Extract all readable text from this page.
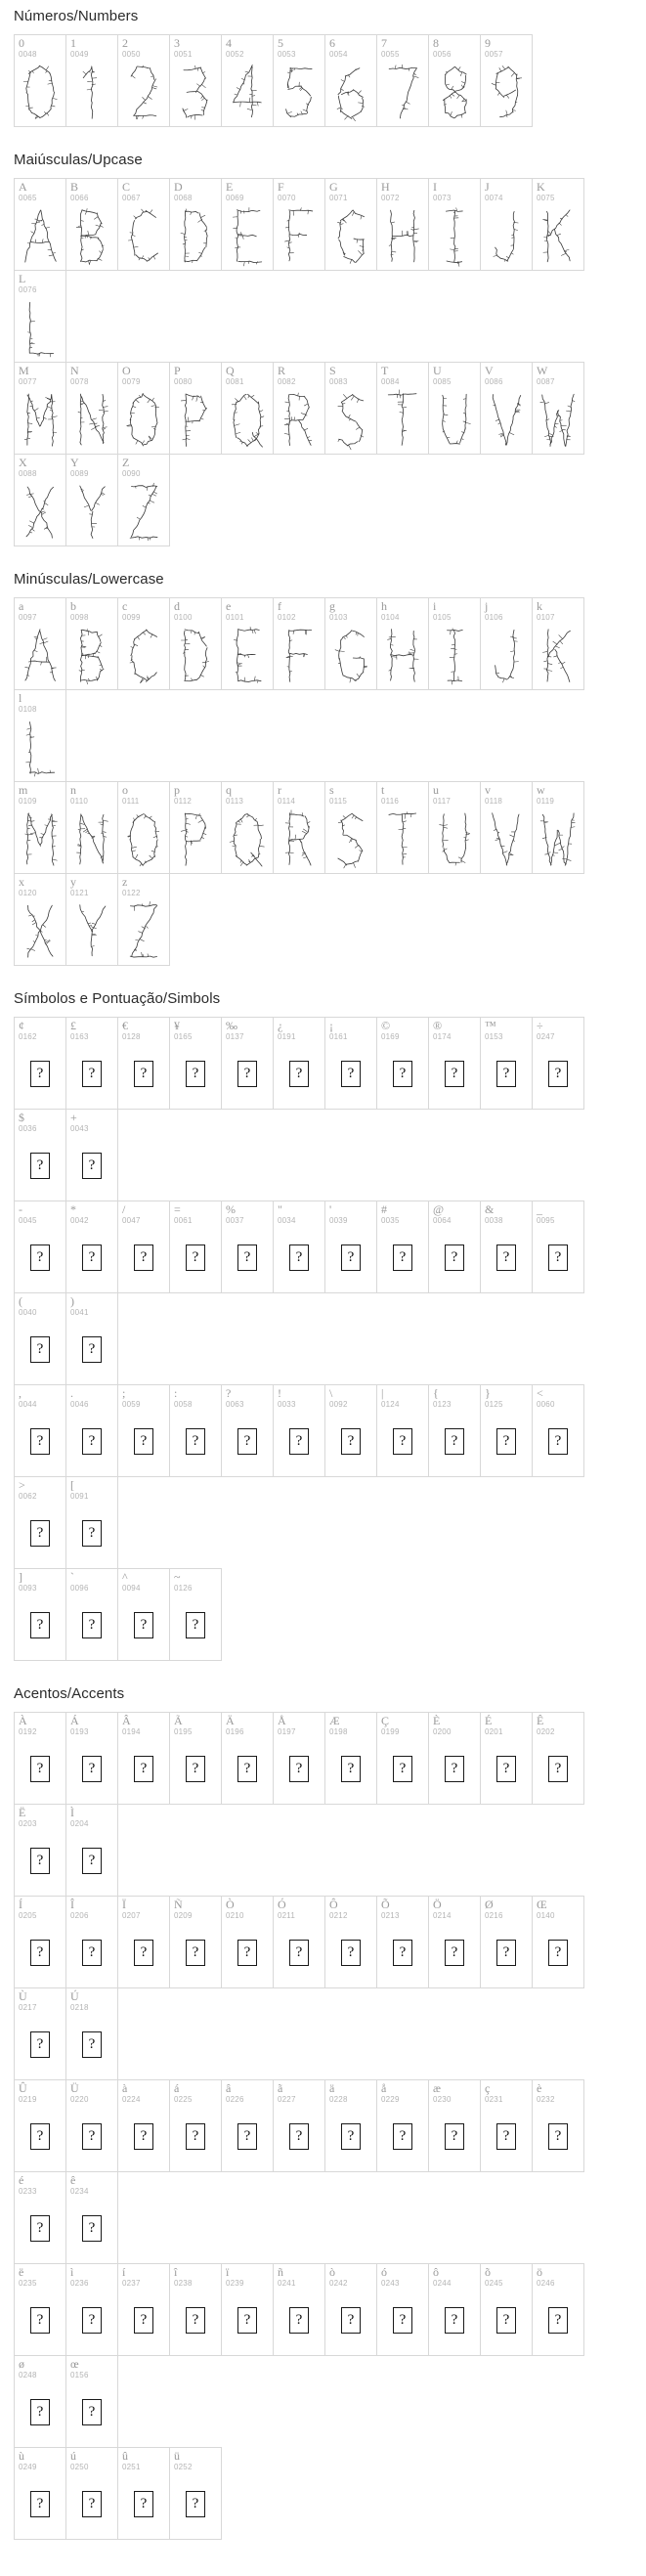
Números/Numbers
0
0048
1
0049
2
0050
3
0051
4
0052
5
0053
6
0054
7
0055
8
0056
9
0057
Maiúsculas/Upcase
A
0065
B
0066
C
0067
D
0068
E
0069
F
0070
G
0071
H
0072
I
0073
J
0074
K
0075
L
0076
M
0077
N
0078
O
0079
P
0080
Q
0081
R
0082
S
0083
T
0084
U
0085
V
0086
W
0087
X
0088
Y
0089
Z
0090
Minúsculas/Lowercase
a
0097
b
0098
c
0099
d
0100
e
0101
f
0102
g
0103
h
0104
i
0105
j
0106
k
0107
l
0108
m
0109
n
0110
o
0111
p
0112
q
0113
r
0114
s
0115
t
0116
u
0117
v
0118
w
0119
x
0120
y
0121
z
0122
Símbolos e Pontuação/Simbols
¢
0162
?
£
0163
?
€
0128
?
¥
0165
?
‰
0137
?
¿
0191
?
¡
0161
?
©
0169
?
®
0174
?
™
0153
?
÷
0247
?
$
0036
?
+
0043
?
-
0045
?
*
0042
?
/
0047
?
=
0061
?
%
0037
?
"
0034
?
'
0039
?
#
0035
?
@
0064
?
&
0038
?
_
0095
?
(
0040
?
)
0041
?
,
0044
?
.
0046
?
;
0059
?
:
0058
?
?
0063
?
!
0033
?
\
0092
?
|
0124
?
{
0123
?
}
0125
?
<
0060
?
>
0062
?
[
0091
?
]
0093
?
`
0096
?
^
0094
?
~
0126
?
Acentos/Accents
À
0192
?
Á
0193
?
Â
0194
?
Ã
0195
?
Ä
0196
?
Å
0197
?
Æ
0198
?
Ç
0199
?
È
0200
?
É
0201
?
Ê
0202
?
Ë
0203
?
Ì
0204
?
Í
0205
?
Î
0206
?
Ï
0207
?
Ñ
0209
?
Ò
0210
?
Ó
0211
?
Ô
0212
?
Õ
0213
?
Ö
0214
?
Ø
0216
?
Œ
0140
?
Ù
0217
?
Ú
0218
?
Û
0219
?
Ü
0220
?
à
0224
?
á
0225
?
â
0226
?
ã
0227
?
ä
0228
?
å
0229
?
æ
0230
?
ç
0231
?
è
0232
?
é
0233
?
ê
0234
?
ë
0235
?
ì
0236
?
í
0237
?
î
0238
?
ï
0239
?
ñ
0241
?
ò
0242
?
ó
0243
?
ô
0244
?
õ
0245
?
ö
0246
?
ø
0248
?
œ
0156
?
ù
0249
?
ú
0250
?
û
0251
?
ü
0252
?
